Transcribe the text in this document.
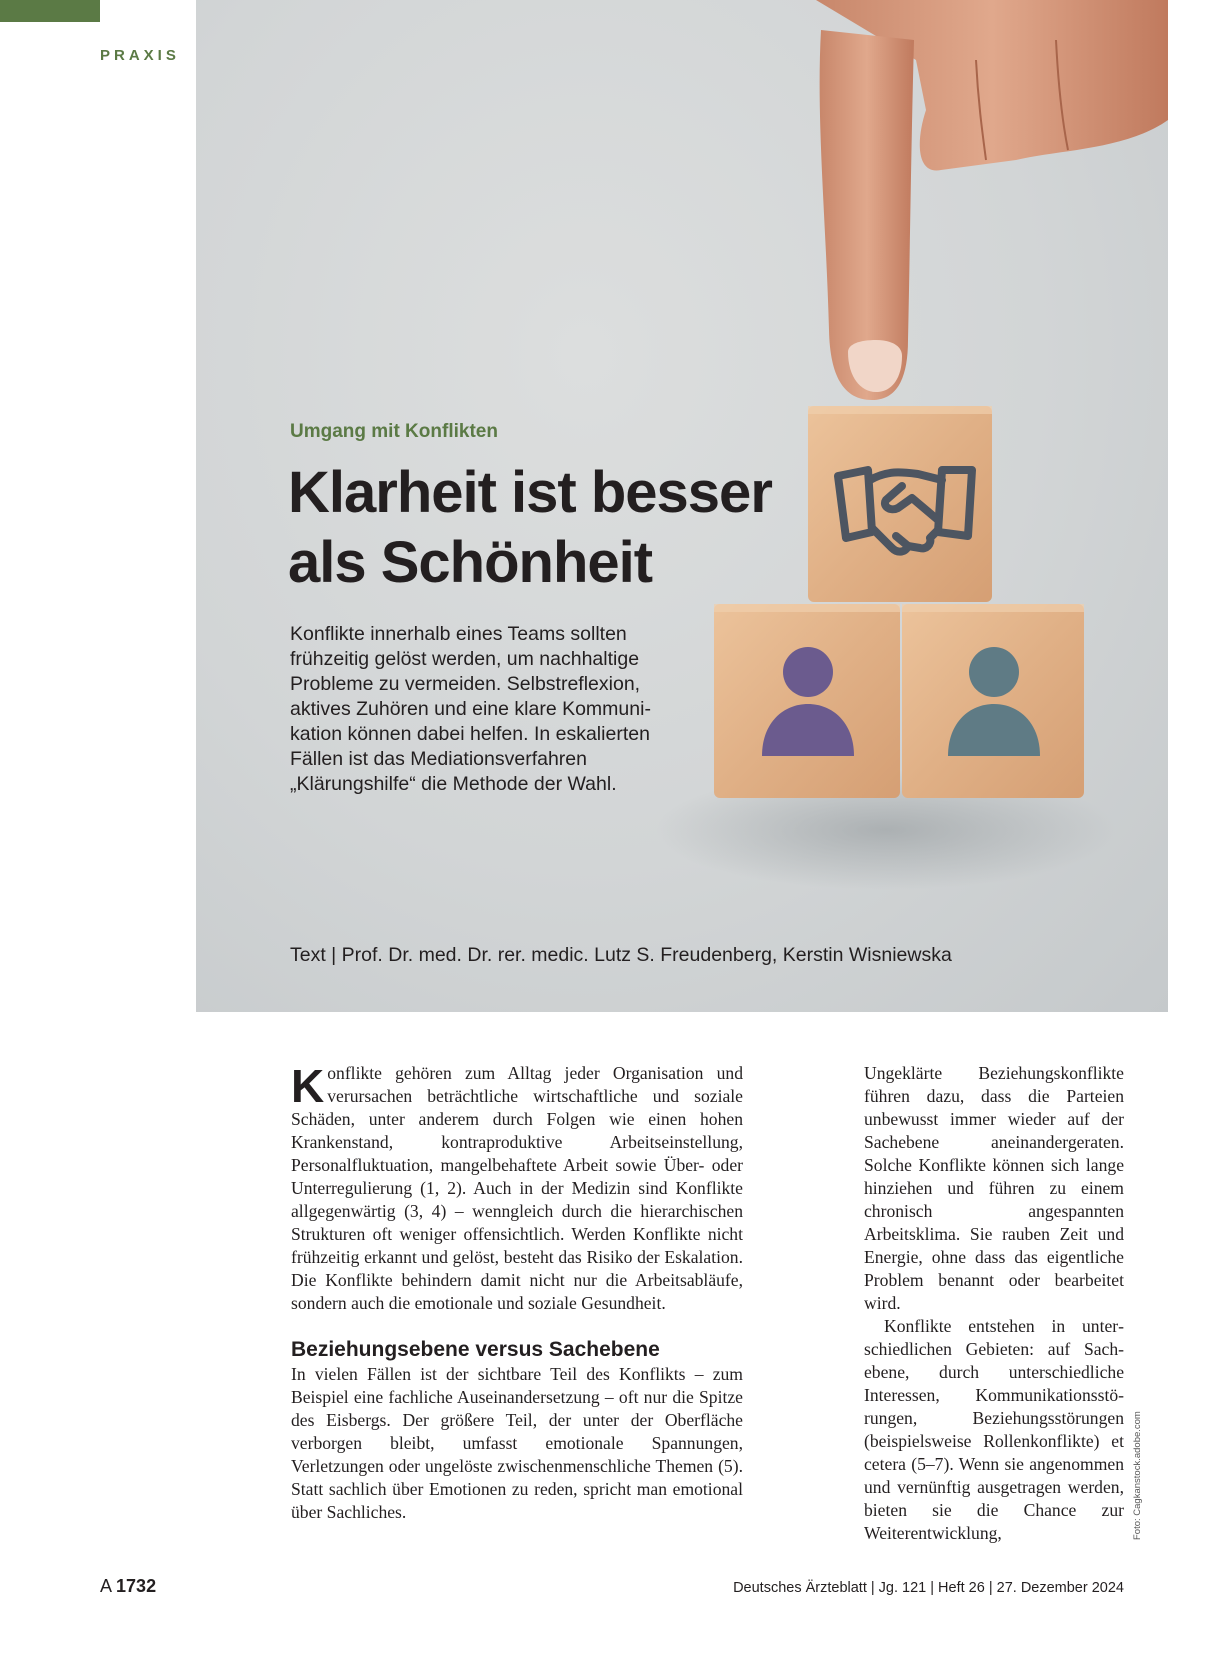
PRAXIS
Umgang mit Konflikten
Klarheit ist besser
als Schönheit

Konflikte innerhalb eines Teams sollten frühzeitig gelöst werden, um nachhaltige Probleme zu vermeiden. Selbstreflexion, aktives Zuhören und eine klare Kommunikation können dabei helfen. In eskalierten Fällen ist das Mediationsverfahren „Klärungshilfe“ die Methode der Wahl.

Text | Prof. Dr. med. Dr. rer. medic. Lutz S. Freudenberg, Kerstin Wisniewska

Konflikte gehören zum Alltag jeder Organisation und verursachen beträchtliche wirtschaftliche und soziale Schäden, unter anderem durch Folgen wie einen hohen Krankenstand, kontraproduktive Arbeitseinstellung, Personalfluktuation, mangelbehaftete Arbeit sowie Über- oder Unterregulierung (1, 2). Auch in der Medizin sind Konflikte allgegenwärtig (3, 4) – wenngleich durch die hierarchischen Strukturen oft weniger offensichtlich. Werden Konflikte nicht frühzeitig erkannt und gelöst, besteht das Risiko der Eskalation. Die Konflikte behindern damit nicht nur die Arbeitsabläufe, sondern auch die emotionale und soziale Gesundheit.

Beziehungsebene versus Sachebene

In vielen Fällen ist der sichtbare Teil des Konflikts – zum Beispiel eine fachliche Auseinandersetzung – oft nur die Spitze des Eisbergs. Der größere Teil, der unter der Oberfläche verborgen bleibt, umfasst emotionale Spannungen, Verletzungen oder ungelöste zwischenmenschliche Themen (5). Statt sachlich über Emotionen zu reden, spricht man emotional über Sachliches.

Ungeklärte Beziehungskonflikte führen dazu, dass die Parteien unbewusst immer wieder auf der Sachebene aneinandergeraten. Solche Konflikte können sich lange hinziehen und führen zu einem chronisch angespannten Arbeitsklima. Sie rauben Zeit und Energie, ohne dass das eigentliche Problem benannt oder bearbeitet wird.

Konflikte entstehen in unterschiedlichen Gebieten: auf Sachebene, durch unterschiedliche Interessen, Kommunikationsstörungen, Beziehungsstörungen (beispielsweise Rollenkonflikte) et cetera (5–7). Wenn sie angenommen und vernünftig ausgetragen werden, bieten sie die Chance zur Weiterentwicklung,	Foto: Cagkanstock.adobe.com
A 1732	Deutsches Ärzteblatt | Jg. 121 | Heft 26 | 27. Dezember 2024
